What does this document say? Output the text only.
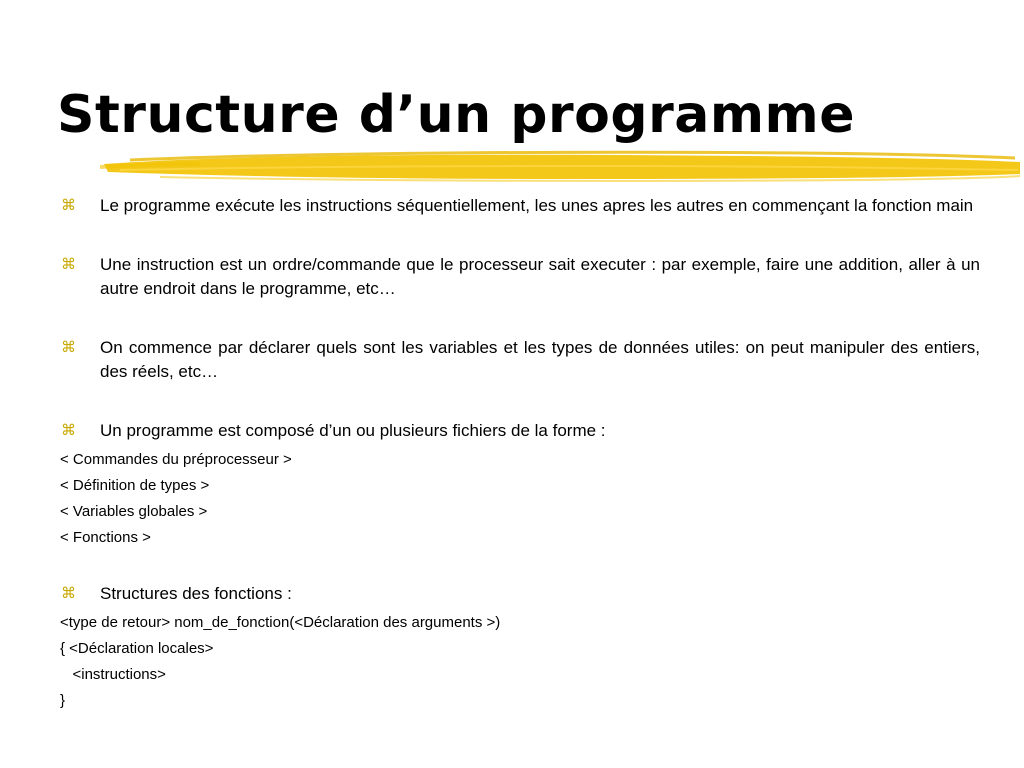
Structure d’un programme
⌘	Le programme exécute les instructions séquentiellement, les unes apres les autres en commençant la fonction main
⌘	Une instruction est un ordre/commande que le processeur sait executer : par exemple, faire une addition, aller à un autre endroit dans le programme, etc…
⌘	On commence par déclarer quels sont les variables et les types de données utiles: on peut manipuler des entiers, des réels, etc…
⌘	Un programme est composé d’un ou plusieurs fichiers de la forme :
< Commandes du préprocesseur >
< Définition de types >
< Variables globales >
< Fonctions >
⌘	Structures des fonctions :
<type de retour> nom_de_fonction(<Déclaration des arguments >)
{ <Déclaration locales>
<instructions>
}
